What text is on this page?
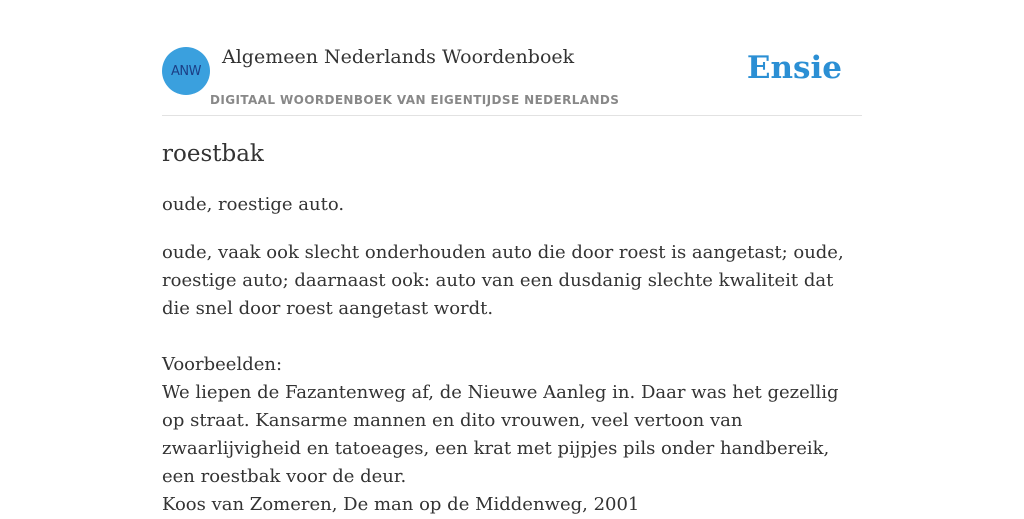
ANW
Algemeen Nederlands Woordenboek
DIGITAAL WOORDENBOEK VAN EIGENTIJDSE NEDERLANDS
Ensie
roestbak
oude, roestige auto.

oude, vaak ook slecht onderhouden auto die door roest is aangetast; oude, roestige auto; daarnaast ook: auto van een dusdanig slechte kwaliteit dat die snel door roest aangetast wordt.

Voorbeelden:

We liepen de Fazantenweg af, de Nieuwe Aanleg in. Daar was het gezellig op straat. Kansarme mannen en dito vrouwen, veel vertoon van zwaarlijvigheid en tatoeages, een krat met pijpjes pils onder handbereik, een roestbak voor de deur.

Koos van Zomeren, De man op de Middenweg, 2001
